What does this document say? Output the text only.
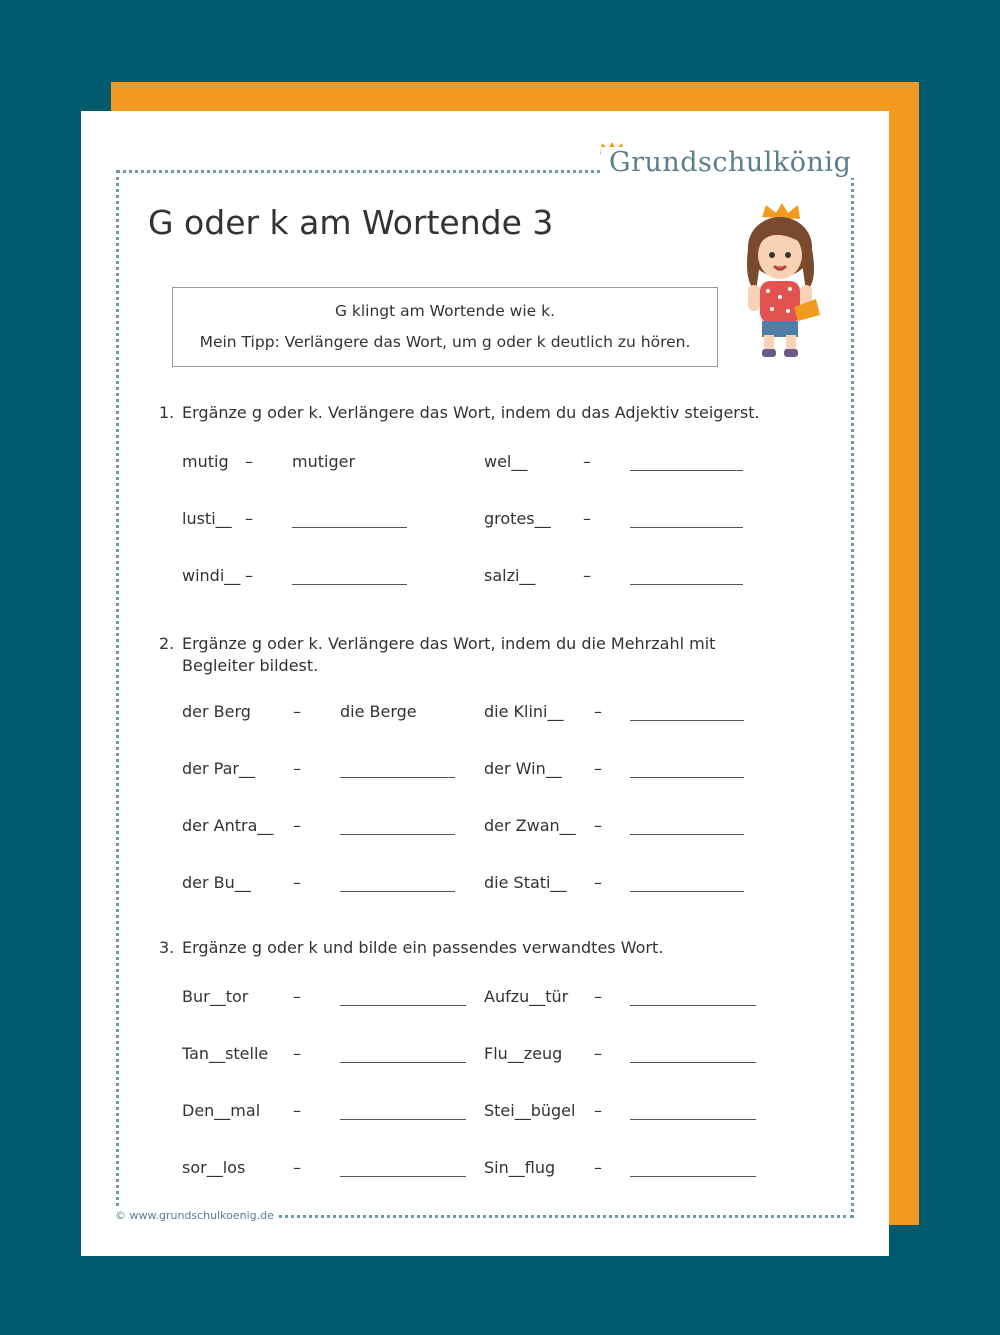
Grundschulkönig
G oder k am Wortende 3
G klingt am Wortende wie k.
Mein Tipp: Verlängere das Wort, um g oder k deutlich zu hören.
1. Ergänze g oder k. Verlängere das Wort, indem du das Adjektiv steigerst.
mutig – mutiger	wel__	–
lusti__ –	grotes__ –
windi__ –	salzi__	–
2. Ergänze g oder k. Verlängere das Wort, indem du die Mehrzahl mit Begleiter bildest.
der Berg	– die Berge	die Klini__ –
der Par__ –	der Win__ –
der Antra__ –	der Zwan__ –
der Bu__	–	die Stati__ –
3. Ergänze g oder k und bilde ein passendes verwandtes Wort.
Bur__tor	–	Aufzu__tür –
Tan__stelle –	Flu__zeug –
Den__mal –	Stei__bügel –
sor__los	–	Sin__flug –
© www.grundschulkoenig.de
